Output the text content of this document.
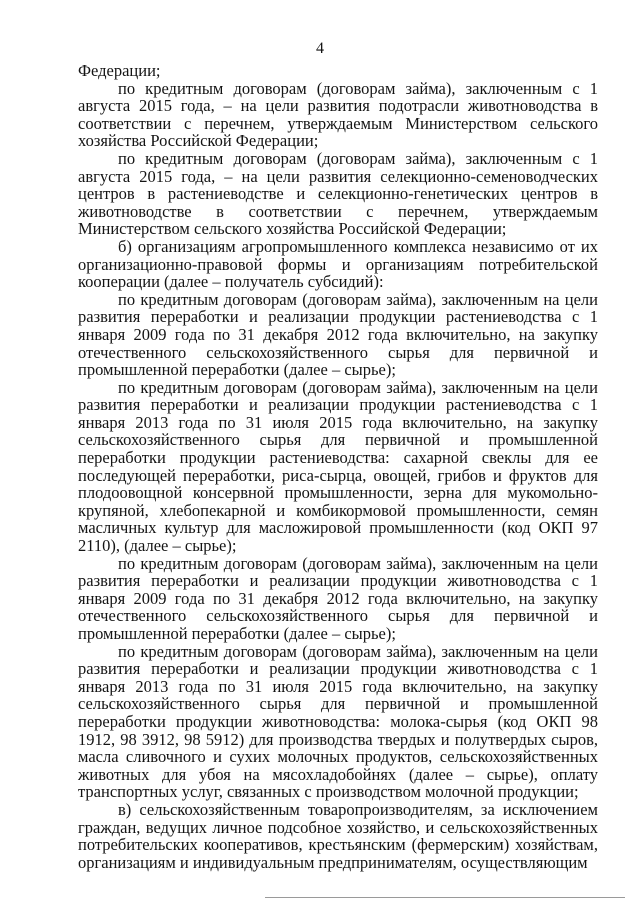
4

Федерации;

по кредитным договорам (договорам займа), заключенным с 1 августа 2015 года, – на цели развития подотрасли животноводства в соответствии с перечнем, утверждаемым Министерством сельского хозяйства Российской Федерации;

по кредитным договорам (договорам займа), заключенным с 1 августа 2015 года, – на цели развития селекционно-семеноводческих центров в растениеводстве и селекционно-генетических центров в животноводстве в соответствии с перечнем, утверждаемым Министерством сельского хозяйства Российской Федерации;

б) организациям агропромышленного комплекса независимо от их организационно-правовой формы и организациям потребительской кооперации (далее – получатель субсидий):

по кредитным договорам (договорам займа), заключенным на цели развития переработки и реализации продукции растениеводства с 1 января 2009 года по 31 декабря 2012 года включительно, на закупку отечественного сельскохозяйственного сырья для первичной и промышленной переработки (далее – сырье);

по кредитным договорам (договорам займа), заключенным на цели развития переработки и реализации продукции растениеводства с 1 января 2013 года по 31 июля 2015 года включительно, на закупку сельскохозяйственного сырья для первичной и промышленной переработки продукции растениеводства: сахарной свеклы для ее последующей переработки, риса-сырца, овощей, грибов и фруктов для плодоовощной консервной промышленности, зерна для мукомольно-крупяной, хлебопекарной и комбикормовой промышленности, семян масличных культур для масложировой промышленности (код ОКП 97 2110), (далее – сырье);

по кредитным договорам (договорам займа), заключенным на цели развития переработки и реализации продукции животноводства с 1 января 2009 года по 31 декабря 2012 года включительно, на закупку отечественного сельскохозяйственного сырья для первичной и промышленной переработки (далее – сырье);

по кредитным договорам (договорам займа), заключенным на цели развития переработки и реализации продукции животноводства с 1 января 2013 года по 31 июля 2015 года включительно, на закупку сельскохозяйственного сырья для первичной и промышленной переработки продукции животноводства: молока-сырья (код ОКП 98 1912, 98 3912, 98 5912) для производства твердых и полутвердых сыров, масла сливочного и сухих молочных продуктов, сельскохозяйственных животных для убоя на мясохладобойнях (далее – сырье), оплату транспортных услуг, связанных с производством молочной продукции;

в) сельскохозяйственным товаропроизводителям, за исключением граждан, ведущих личное подсобное хозяйство, и сельскохозяйственных потребительских кооперативов, крестьянским (фермерским) хозяйствам, организациям и индивидуальным предпринимателям, осуществляющим
